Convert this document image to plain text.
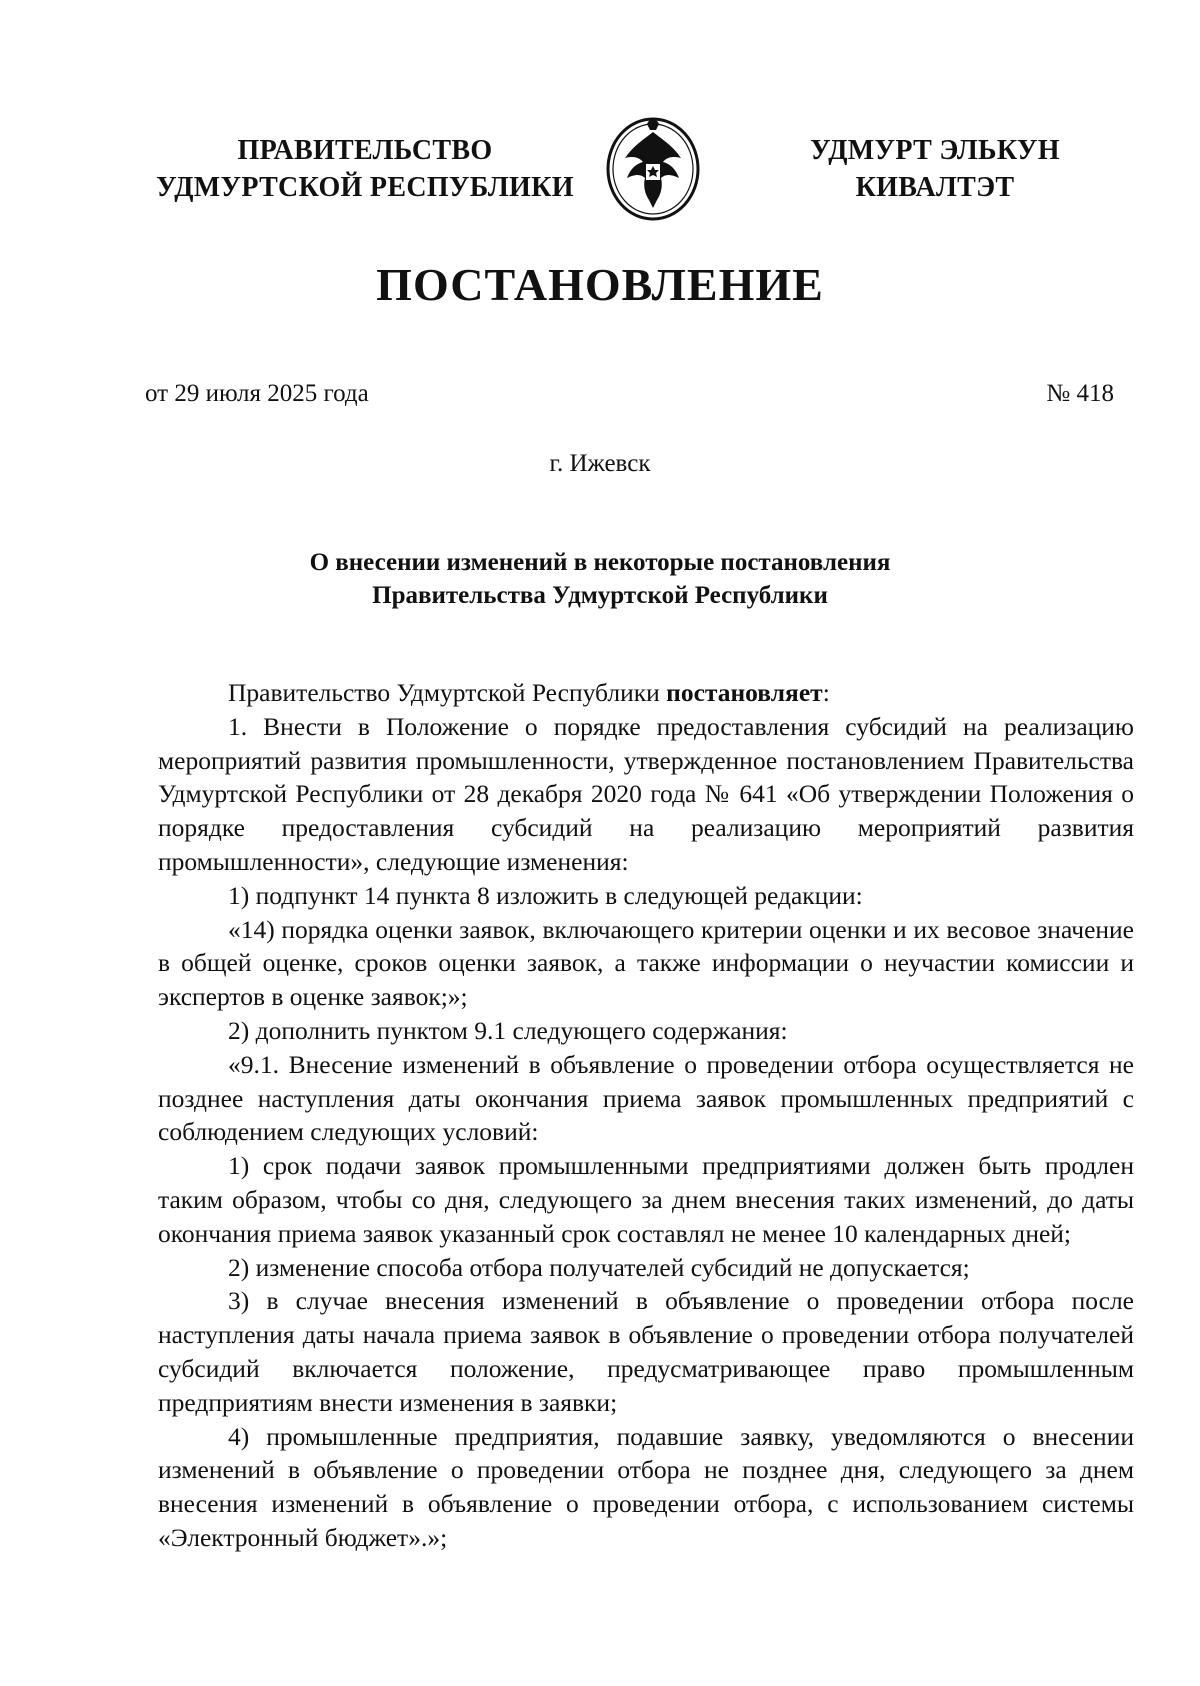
ПРАВИТЕЛЬСТВО
УДМУРТСКОЙ РЕСПУБЛИКИ
УДМУРТ ЭЛЬКУН
КИВАЛТЭТ
ПОСТАНОВЛЕНИЕ
от 29 июля 2025 года	№ 418
г. Ижевск
О внесении изменений в некоторые постановления
Правительства Удмуртской Республики

Правительство Удмуртской Республики постановляет:

1. Внести в Положение о порядке предоставления субсидий на реализацию мероприятий развития промышленности, утвержденное постановлением Правительства Удмуртской Республики от 28 декабря 2020 года № 641 «Об утверждении Положения о порядке предоставления субсидий на реализацию мероприятий развития промышленности», следующие изменения:

1) подпункт 14 пункта 8 изложить в следующей редакции:

«14) порядка оценки заявок, включающего критерии оценки и их весовое значение в общей оценке, сроков оценки заявок, а также информации о неучастии комиссии и экспертов в оценке заявок;»;

2) дополнить пунктом 9.1 следующего содержания:

«9.1. Внесение изменений в объявление о проведении отбора осуществляется не позднее наступления даты окончания приема заявок промышленных предприятий с соблюдением следующих условий:

1) срок подачи заявок промышленными предприятиями должен быть продлен таким образом, чтобы со дня, следующего за днем внесения таких изменений, до даты окончания приема заявок указанный срок составлял не менее 10 календарных дней;

2) изменение способа отбора получателей субсидий не допускается;

3) в случае внесения изменений в объявление о проведении отбора после наступления даты начала приема заявок в объявление о проведении отбора получателей субсидий включается положение, предусматривающее право промышленным предприятиям внести изменения в заявки;

4) промышленные предприятия, подавшие заявку, уведомляются о внесении изменений в объявление о проведении отбора не позднее дня, следующего за днем внесения изменений в объявление о проведении отбора, с использованием системы «Электронный бюджет».»;
